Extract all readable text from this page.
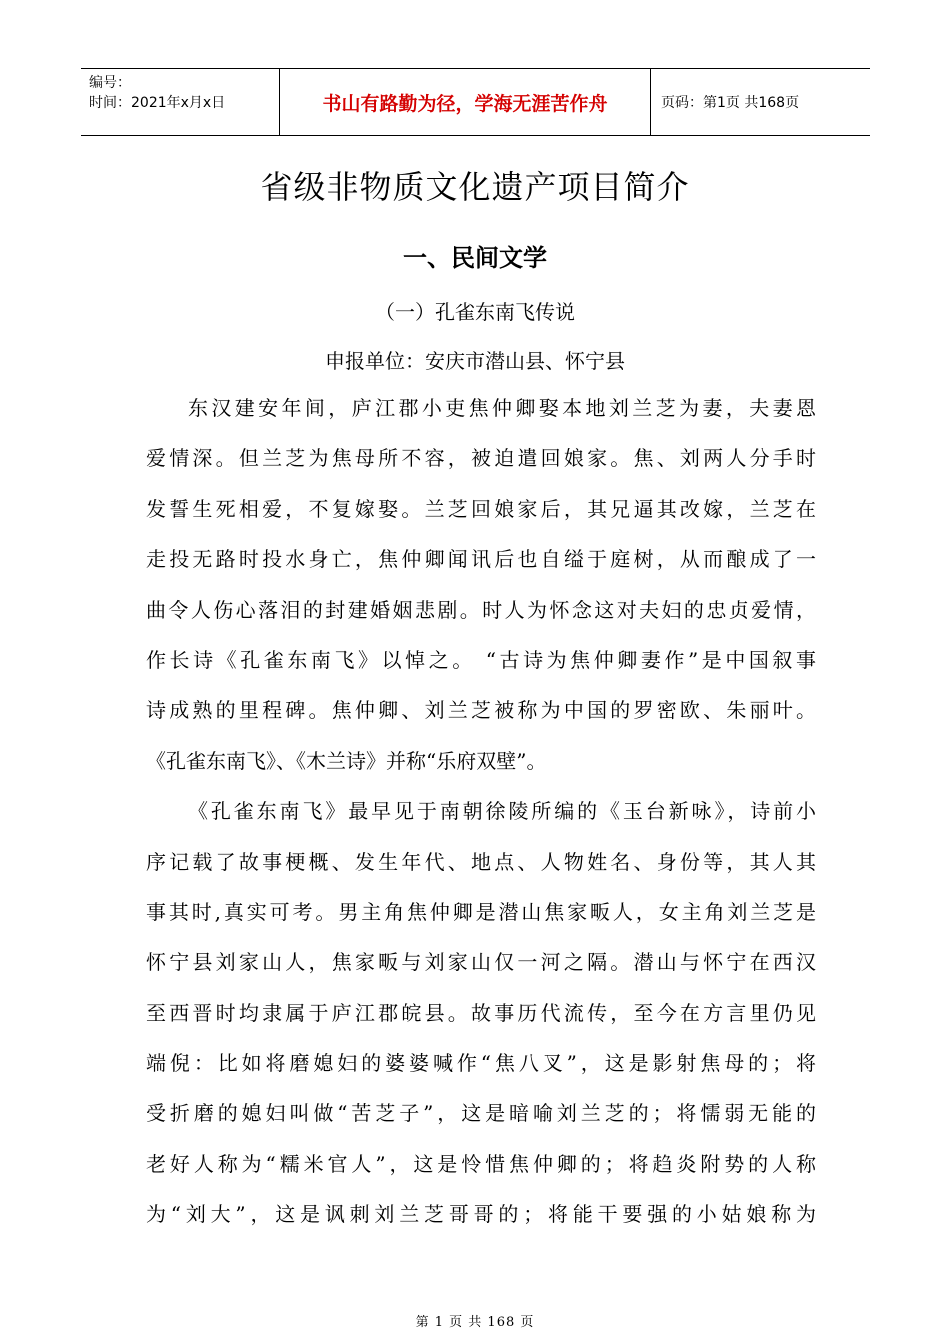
编号：
时间：2021年x月x日	书山有路勤为径，学海无涯苦作舟	页码：第1页 共168页
省级非物质文化遗产项目简介
一、民间文学
（一）孔雀东南飞传说
申报单位：安庆市潜山县、怀宁县
东汉建安年间，庐江郡小吏焦仲卿娶本地刘兰芝为妻，夫妻恩
爱情深。但兰芝为焦母所不容，被迫遣回娘家。焦、刘两人分手时
发誓生死相爱，不复嫁娶。兰芝回娘家后，其兄逼其改嫁，兰芝在
走投无路时投水身亡，焦仲卿闻讯后也自缢于庭树，从而酿成了一
曲令人伤心落泪的封建婚姻悲剧。时人为怀念这对夫妇的忠贞爱情，
作长诗《孔雀东南飞》以悼之。 “古诗为焦仲卿妻作”是中国叙事
诗成熟的里程碑。焦仲卿、刘兰芝被称为中国的罗密欧、朱丽叶。
《孔雀东南飞》、《木兰诗》并称“乐府双壁”。
《孔雀东南飞》最早见于南朝徐陵所编的《玉台新咏》，诗前小
序记载了故事梗概、发生年代、地点、人物姓名、身份等，其人其
事其时,真实可考。男主角焦仲卿是潜山焦家畈人，女主角刘兰芝是
怀宁县刘家山人，焦家畈与刘家山仅一河之隔。潜山与怀宁在西汉
至西晋时均隶属于庐江郡皖县。故事历代流传，至今在方言里仍见
端倪：比如将磨媳妇的婆婆喊作“焦八叉”，这是影射焦母的；将
受折磨的媳妇叫做“苦芝子”，这是暗喻刘兰芝的；将懦弱无能的
老好人称为“糯米官人”，这是怜惜焦仲卿的；将趋炎附势的人称
为“刘大”，这是讽刺刘兰芝哥哥的；将能干要强的小姑娘称为
第 1 页 共 168 页
